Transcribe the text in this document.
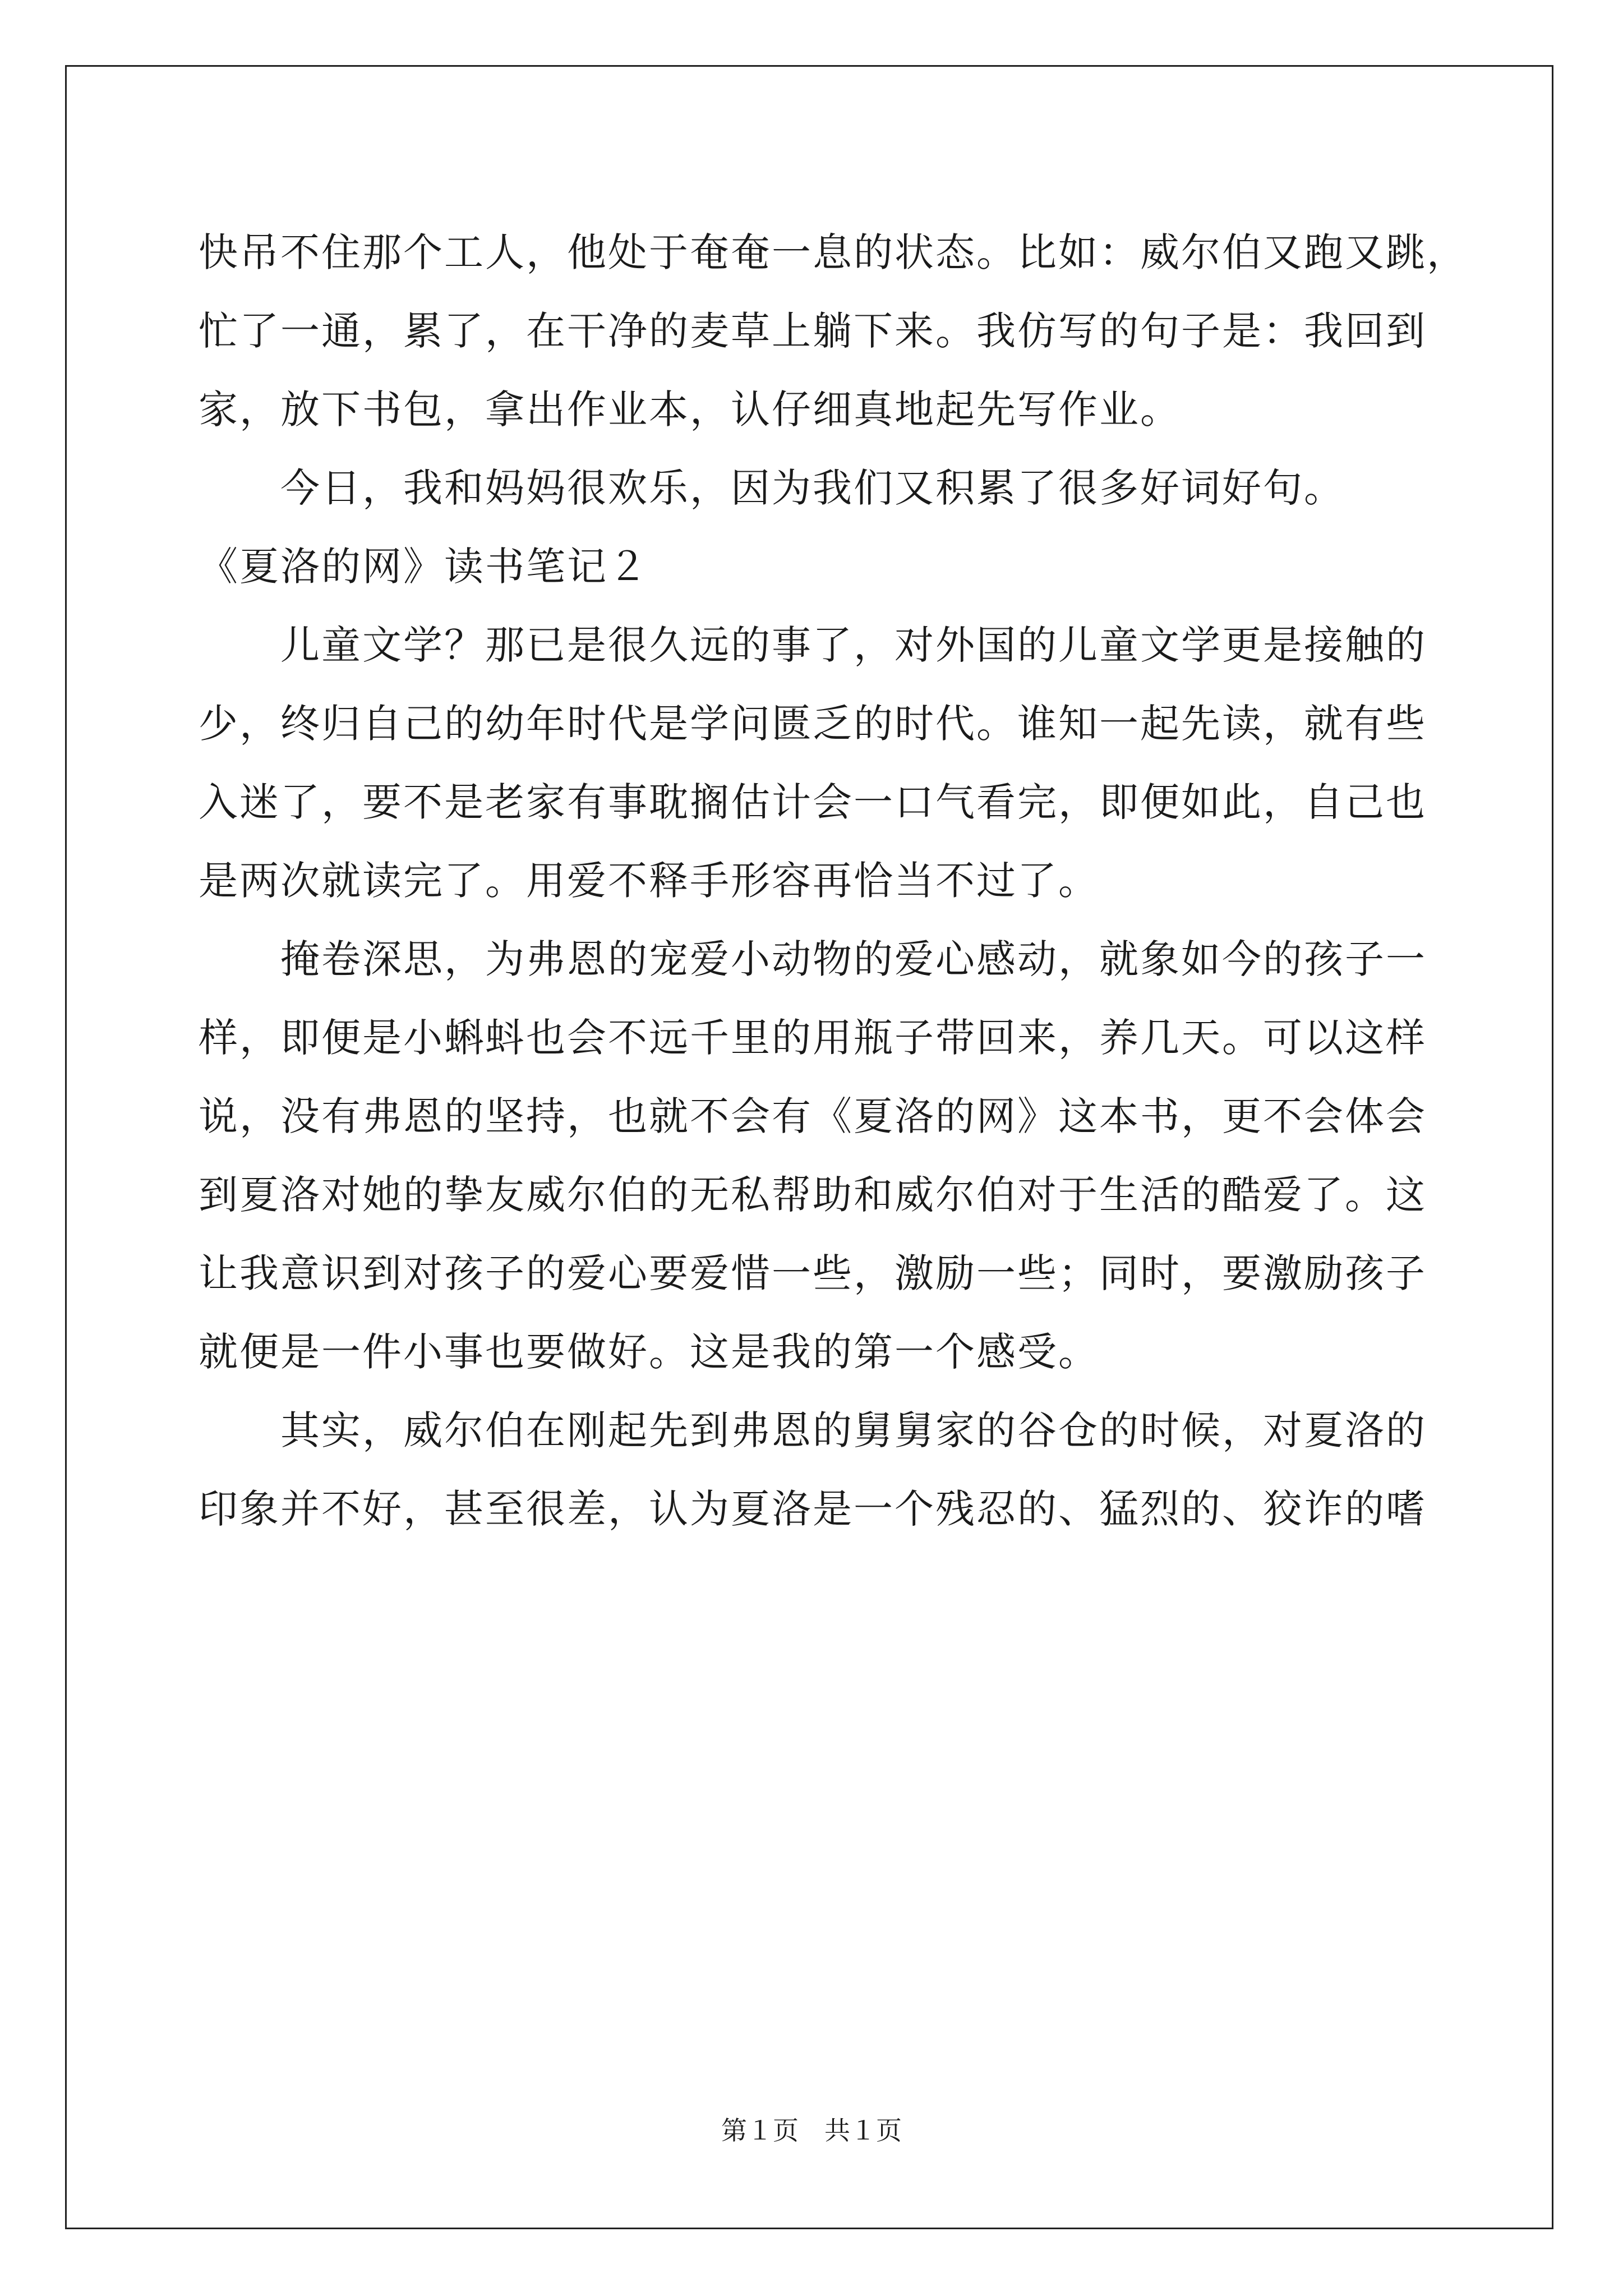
快吊不住那个工人，他处于奄奄一息的状态。比如：威尔伯又跑又跳，
忙了一通，累了，在干净的麦草上躺下来。我仿写的句子是：我回到
家，放下书包，拿出作业本，认仔细真地起先写作业。
　　今日，我和妈妈很欢乐，因为我们又积累了很多好词好句。
《夏洛的网》读书笔记２
　　儿童文学？那已是很久远的事了，对外国的儿童文学更是接触的
少，终归自己的幼年时代是学问匮乏的时代。谁知一起先读，就有些
入迷了，要不是老家有事耽搁估计会一口气看完，即便如此，自己也
是两次就读完了。用爱不释手形容再恰当不过了。
　　掩卷深思，为弗恩的宠爱小动物的爱心感动，就象如今的孩子一
样，即便是小蝌蚪也会不远千里的用瓶子带回来，养几天。可以这样
说，没有弗恩的坚持，也就不会有《夏洛的网》这本书，更不会体会
到夏洛对她的挚友威尔伯的无私帮助和威尔伯对于生活的酷爱了。这
让我意识到对孩子的爱心要爱惜一些，激励一些；同时，要激励孩子
就便是一件小事也要做好。这是我的第一个感受。
　　其实，威尔伯在刚起先到弗恩的舅舅家的谷仓的时候，对夏洛的
印象并不好，甚至很差，认为夏洛是一个残忍的、猛烈的、狡诈的嗜
第１页　共１页
